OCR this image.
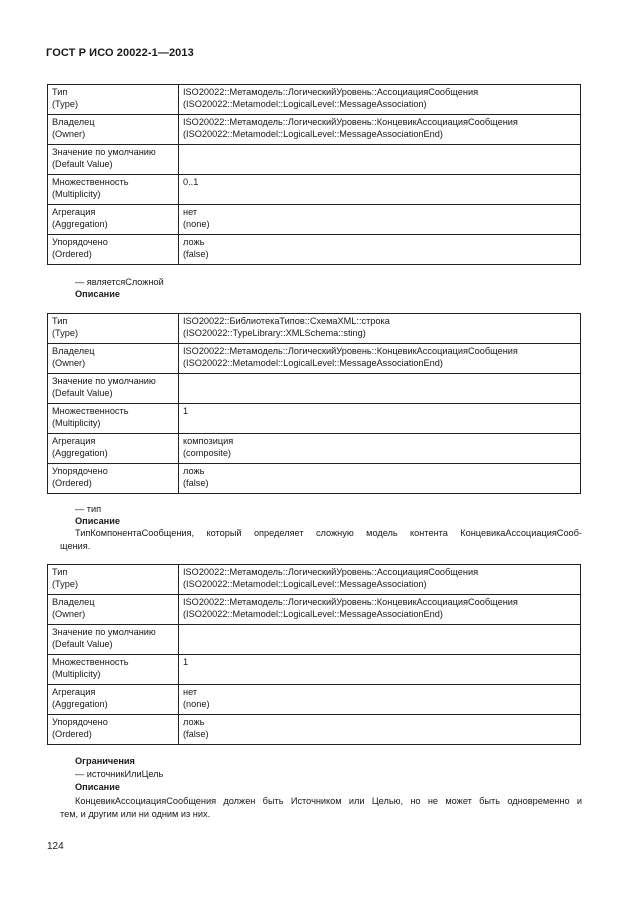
ГОСТ Р ИСО 20022-1—2013
Тип
(Type)	ISO20022::Метамодель::ЛогическийУровень::АссоциацияСообщения
(ISO20022::Metamodel::LogicalLevel::MessageAssociation)

Владелец
(Owner)	ISO20022::Метамодель::ЛогическийУровень::КонцевикАссоциацияСообщения
(ISO20022::Metamodel::LogicalLevel::MessageAssociationEnd)

Значение по умолчанию
(Default Value)	

Множественность
(Multiplicity)	0..1

Агрегация
(Aggregation)	нет
(none)

Упорядочено
(Ordered)	ложь
(false)
— являетсяСложной
Описание
Тип
(Type)	ISO20022::БиблиотекаТипов::СхемаXML::строка
(ISO20022::TypeLibrary::XMLSchema::sting)

Владелец
(Owner)	ISO20022::Метамодель::ЛогическийУровень::КонцевикАссоциацияСообщения
(ISO20022::Metamodel::LogicalLevel::MessageAssociationEnd)

Значение по умолчанию
(Default Value)	

Множественность
(Multiplicity)	1

Агрегация
(Aggregation)	композиция
(composite)

Упорядочено
(Ordered)	ложь
(false)
— тип
Описание
ТипКомпонентаСообщения, который определяет сложную модель контента КонцевикаАссоциацияСооб-
щения.
Тип
(Type)	ISO20022::Метамодель::ЛогическийУровень::АссоциацияСообщения
(ISO20022::Metamodel::LogicalLevel::MessageAssociation)

Владелец
(Owner)	ISO20022::Метамодель::ЛогическийУровень::КонцевикАссоциацияСообщения
(ISO20022::Metamodel::LogicalLevel::MessageAssociationEnd)

Значение по умолчанию
(Default Value)	

Множественность
(Multiplicity)	1

Агрегация
(Aggregation)	нет
(none)

Упорядочено
(Ordered)	ложь
(false)
Ограничения
— источникИлиЦель
Описание
КонцевикАссоциацияСообщения должен быть Источником или Целью, но не может быть одновременно и
тем, и другим или ни одним из них.
124
